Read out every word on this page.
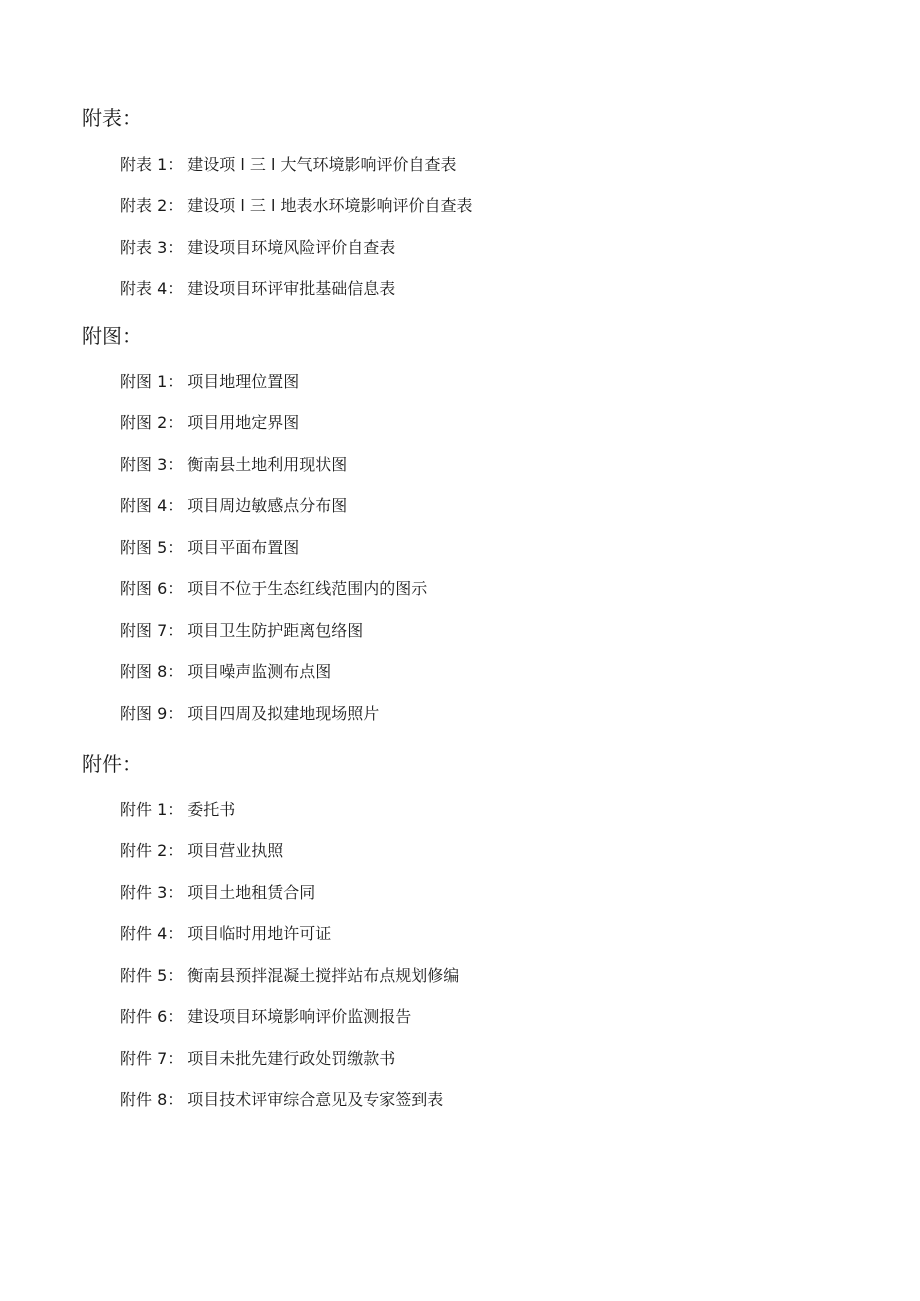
附表：
附表 1： 建设项 l 三 l 大气环境影响评价自查表
附表 2： 建设项 l 三 l 地表水环境影响评价自查表
附表 3： 建设项目环境风险评价自查表
附表 4： 建设项目环评审批基础信息表
附图：
附图 1： 项目地理位置图
附图 2： 项目用地定界图
附图 3： 衡南县土地利用现状图
附图 4： 项目周边敏感点分布图
附图 5： 项目平面布置图
附图 6： 项目不位于生态红线范围内的图示
附图 7： 项目卫生防护距离包络图
附图 8： 项目噪声监测布点图
附图 9： 项目四周及拟建地现场照片
附件：
附件 1： 委托书
附件 2： 项目营业执照
附件 3： 项目土地租赁合同
附件 4： 项目临时用地许可证
附件 5： 衡南县预拌混凝土搅拌站布点规划修编
附件 6： 建设项目环境影响评价监测报告
附件 7： 项目未批先建行政处罚缴款书
附件 8： 项目技术评审综合意见及专家签到表
